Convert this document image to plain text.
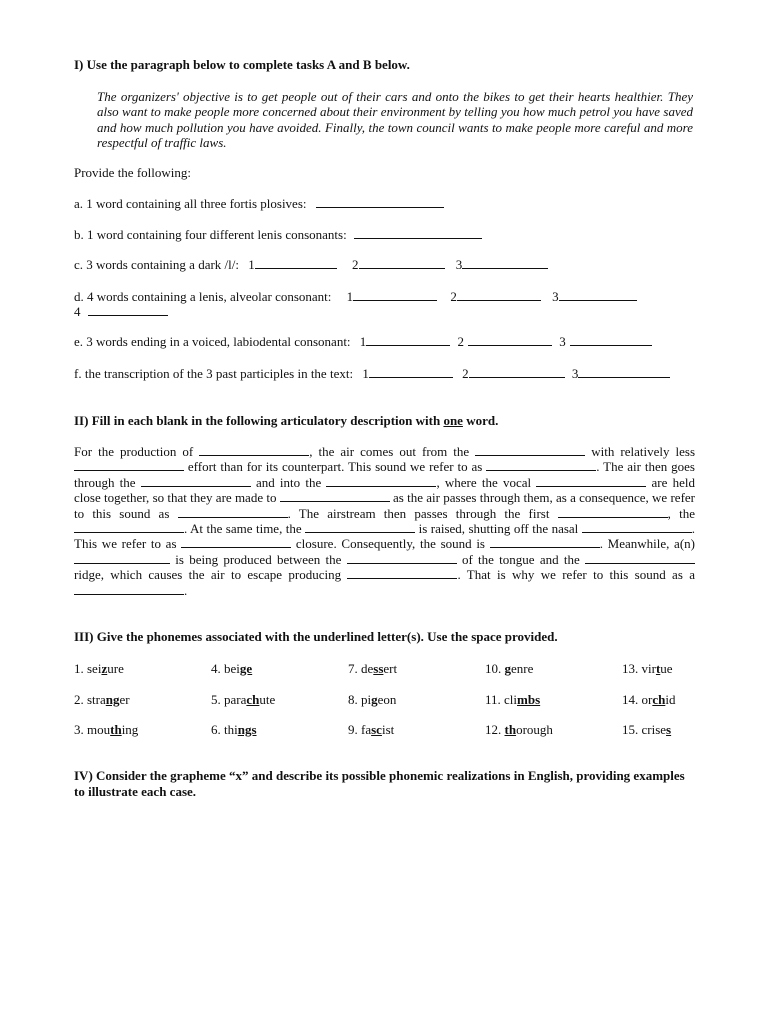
I) Use the paragraph below to complete tasks A and B below.
The organizers' objective is to get people out of their cars and onto the bikes to get their hearts healthier. They also want to make people more concerned about their environment by telling you how much petrol you have saved and how much pollution you have avoided. Finally, the town council wants to make people more careful and more respectful of traffic laws.
Provide the following:
a. 1 word containing all three fortis plosives:
b. 1 word containing four different lenis consonants:
c. 3 words containing a dark /l/: 1	2	3
d. 4 words containing a lenis, alveolar consonant: 1	2	3
4
e. 3 words ending in a voiced, labiodental consonant: 1	2	3
f. the transcription of the 3 past participles in the text: 1	2	3
II) Fill in each blank in the following articulatory description with one word.
For the production of	, the air comes out from the	with relatively less  effort than for its counterpart. This sound we refer to as	. The air then goes through the	and into the	, where the vocal	are held close together, so that they are made to	as the air passes through them, as a consequence, we refer to this sound as	. The airstream then passes through the first	, the . At the same time, the	is raised, shutting off the nasal	. This we refer to as	closure. Consequently, the sound is	. Meanwhile, a(n)  is being produced between the	of the tongue and the  ridge, which causes the air to escape producing	. That is why we refer to this sound as a .
III) Give the phonemes associated with the underlined letter(s). Use the space provided.
1. seizure
2. stranger
3. mouthing
4. beige
5. parachute
6. things
7. dessert
8. pigeon
9. fascist
10. genre
11. climbs
12. thorough
13. virtue
14. orchid
15. crises
IV) Consider the grapheme “x” and describe its possible phonemic realizations in English, providing examples to illustrate each case.
